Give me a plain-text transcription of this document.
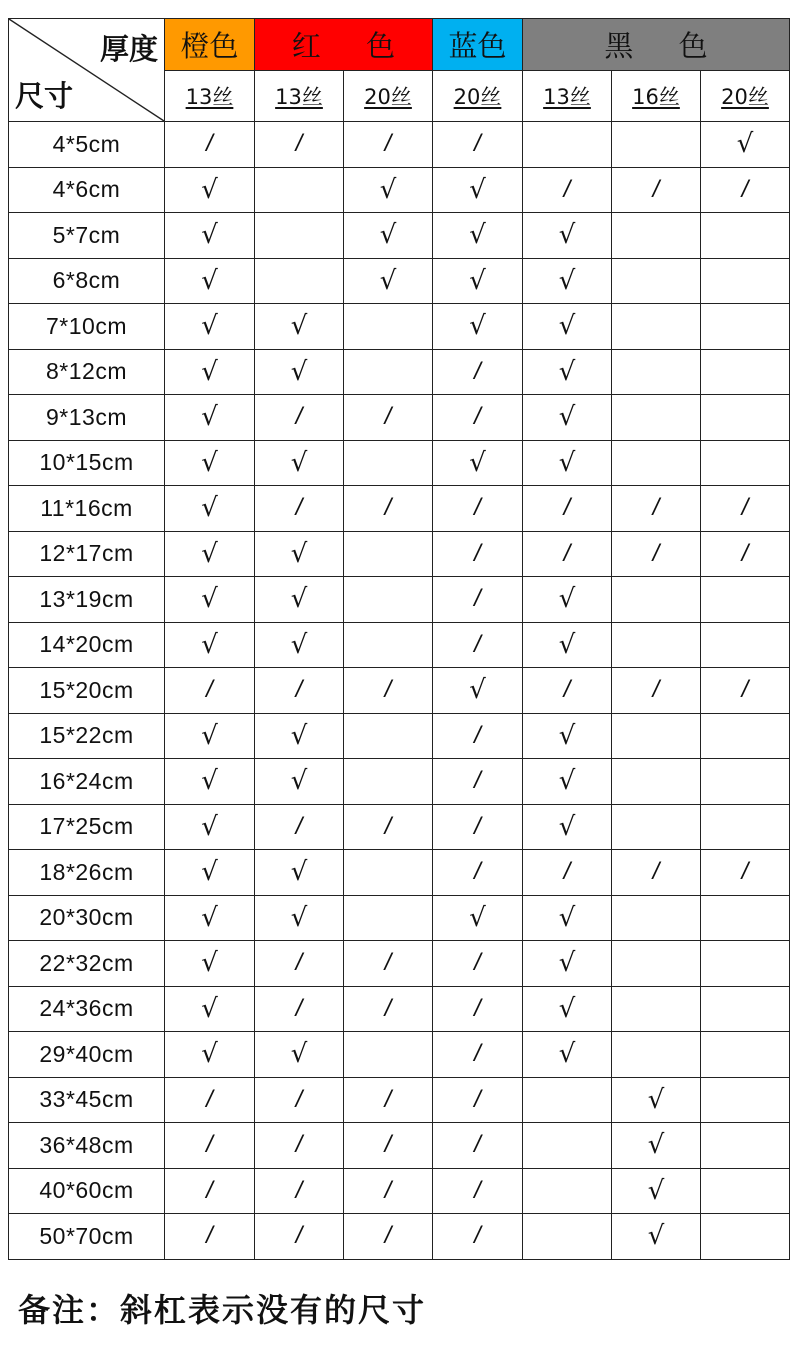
厚度
尺寸	橙色	红 色		蓝色	黑 色		
	13丝	13丝	20丝	20丝	13丝	16丝	20丝
4*5cm	/	/	/	/			√
4*6cm	√		√	√	/	/	/
5*7cm	√		√	√	√		
6*8cm	√		√	√	√		
7*10cm	√	√		√	√		
8*12cm	√	√		/	√		
9*13cm	√	/	/	/	√		
10*15cm	√	√		√	√		
11*16cm	√	/	/	/	/	/	/
12*17cm	√	√		/	/	/	/
13*19cm	√	√		/	√		
14*20cm	√	√		/	√		
15*20cm	/	/	/	√	/	/	/
15*22cm	√	√		/	√		
16*24cm	√	√		/	√		
17*25cm	√	/	/	/	√		
18*26cm	√	√		/	/	/	/
20*30cm	√	√		√	√		
22*32cm	√	/	/	/	√		
24*36cm	√	/	/	/	√		
29*40cm	√	√		/	√		
33*45cm	/	/	/	/		√	
36*48cm	/	/	/	/		√	
40*60cm	/	/	/	/		√	
50*70cm	/	/	/	/		√	
备注：斜杠表示没有的尺寸
